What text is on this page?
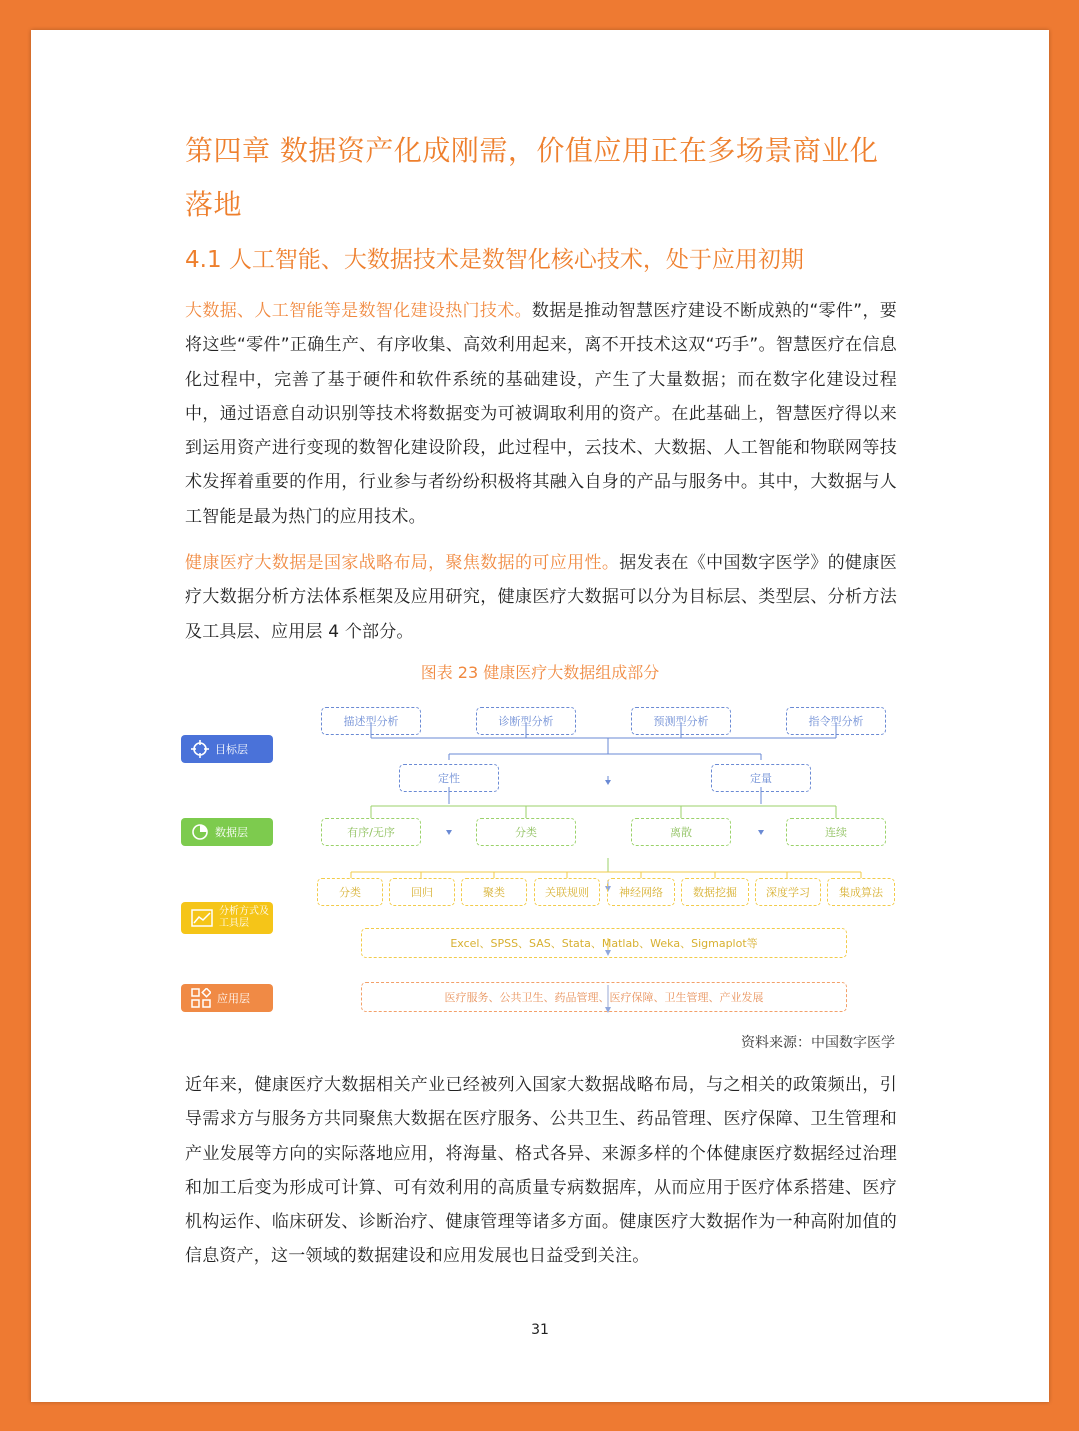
第四章 数据资产化成刚需，价值应用正在多场景商业化落地
4.1 人工智能、大数据技术是数智化核心技术，处于应用初期

大数据、人工智能等是数智化建设热门技术。数据是推动智慧医疗建设不断成熟的“零件”，要将这些“零件”正确生产、有序收集、高效利用起来，离不开技术这双“巧手”。智慧医疗在信息化过程中，完善了基于硬件和软件系统的基础建设，产生了大量数据；而在数字化建设过程中，通过语意自动识别等技术将数据变为可被调取利用的资产。在此基础上，智慧医疗得以来到运用资产进行变现的数智化建设阶段，此过程中，云技术、大数据、人工智能和物联网等技术发挥着重要的作用，行业参与者纷纷积极将其融入自身的产品与服务中。其中，大数据与人工智能是最为热门的应用技术。

健康医疗大数据是国家战略布局，聚焦数据的可应用性。据发表在《中国数字医学》的健康医疗大数据分析方法体系框架及应用研究，健康医疗大数据可以分为目标层、类型层、分析方法及工具层、应用层 4 个部分。

图表 23 健康医疗大数据组成部分
目标层
数据层
分析方式及工具层
应用层
描述型分析	诊断型分析	预测型分析	指令型分析
定性	定量
有序/无序	分类	离散	连续
分类	回归	聚类	关联规则	神经网络	数据挖掘	深度学习	集成算法
Excel、SPSS、SAS、Stata、Matlab、Weka、Sigmaplot等
医疗服务、公共卫生、药品管理、医疗保障、卫生管理、产业发展
资料来源：中国数字医学

近年来，健康医疗大数据相关产业已经被列入国家大数据战略布局，与之相关的政策频出，引导需求方与服务方共同聚焦大数据在医疗服务、公共卫生、药品管理、医疗保障、卫生管理和产业发展等方向的实际落地应用，将海量、格式各异、来源多样的个体健康医疗数据经过治理和加工后变为形成可计算、可有效利用的高质量专病数据库，从而应用于医疗体系搭建、医疗机构运作、临床研发、诊断治疗、健康管理等诸多方面。健康医疗大数据作为一种高附加值的信息资产，这一领域的数据建设和应用发展也日益受到关注。

31
